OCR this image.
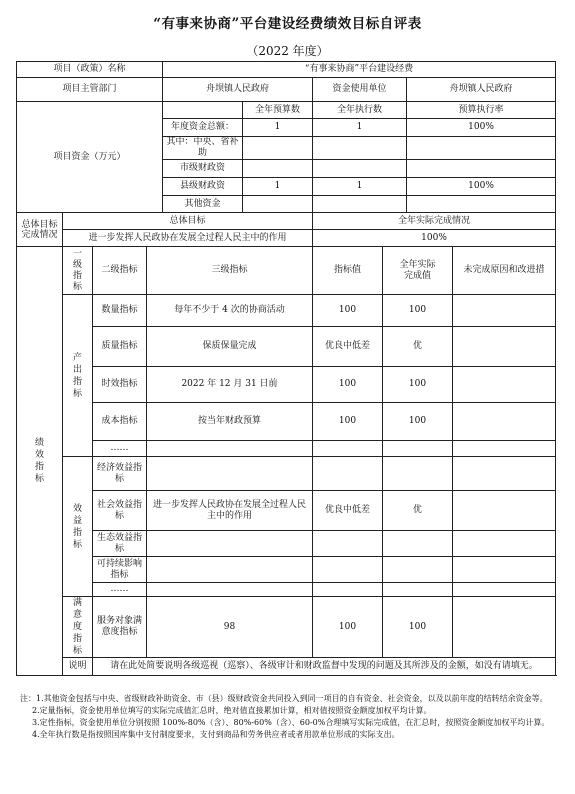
“有事来协商”平台建设经费绩效目标自评表
（2022 年度）
项目（政策）名称				“有事来协商”平台建设经费					
项目主管部门				舟坝镇人民政府		资金使用单位		舟坝镇人民政府	
项目资金（万元）					全年预算数	全年执行数		预算执行率	
				年度资金总额：	1	1		100%	
				其中：中央、省补助					
				市级财政资					
				县级财政资	1	1		100%	
				其他资金					
总体目标完成情况	总体目标					全年实际完成情况			
	进一步发挥人民政协在发展全过程人民主中的作用					100%			
绩效指标	一级指标	二级指标	三级指标			指标值	全年实际完成值		未完成原因和改进措
	产出指标	数量指标	每年不少于 4 次的协商活动			100	100		
		质量指标	保质保量完成			优良中低差	优		
		时效指标	2022 年 12 月 31 日前			100	100		
		成本指标	按当年财政预算			100	100		
		……							
	效益指标	经济效益指标							
		社会效益指标	进一步发挥人民政协在发展全过程人民主中的作用			优良中低差	优		
		生态效益指标							
		可持续影响指标							
		……							
	满意度指标	服务对象满意度指标	98			100	100		
	说明	请在此处简要说明各级巡视（巡察）、各级审计和财政监督中发现的问题及其所涉及的金额，如没有请填无。							

注：1.其他资金包括与中央、省级财政补助资金、市（县）级财政资金共同投入到同一项目的自有资金、社会资金，以及以前年度的结转结余资金等。

2.定量指标，资金使用单位填写的实际完成值汇总时，绝对值直接累加计算，相对值按照资金额度加权平均计算。

3.定性指标，资金使用单位分别按照 100%-80%（含）、80%-60%（含）、60-0%合理填写实际完成值，在汇总时，按照资金额度加权平均计算。

4.全年执行数是指按照国库集中支付制度要求，支付到商品和劳务供应者或者用款单位形成的实际支出。
